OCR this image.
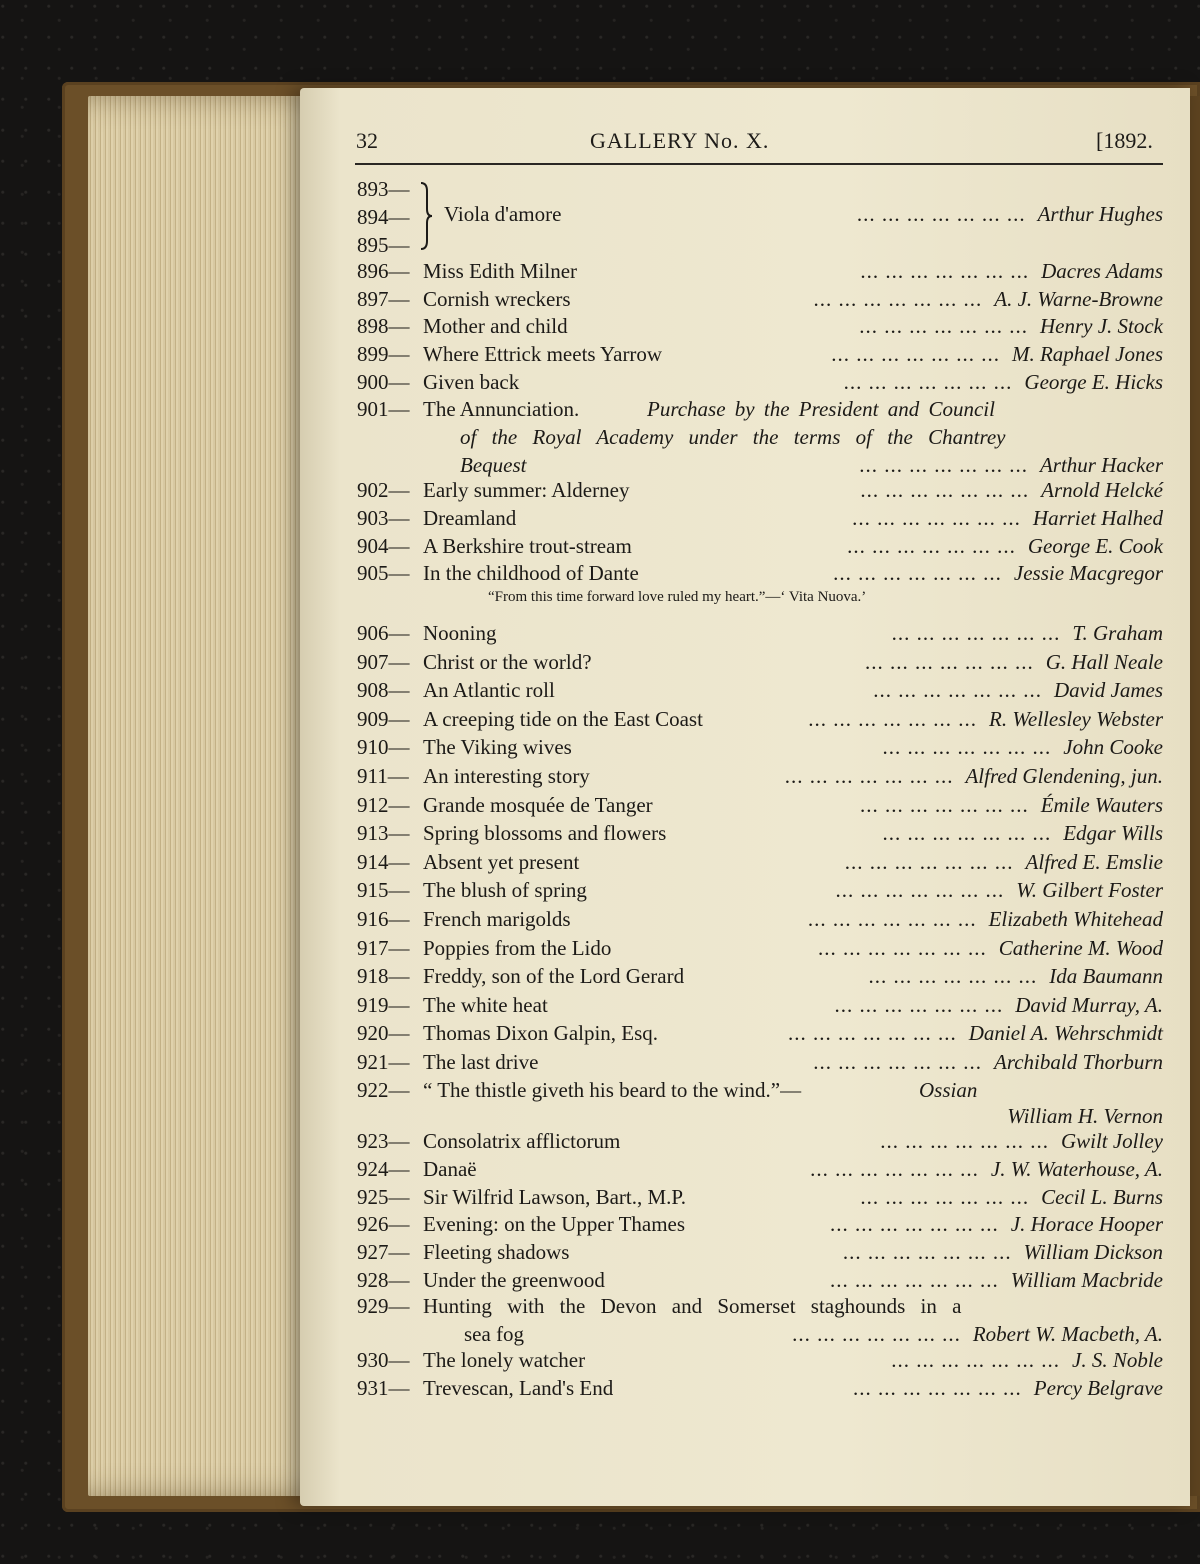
32	GALLERY No. X.	[1892.
893—
894—
895—
Viola d'amore	... ... ... ... ... ... ... Arthur Hughes
896— Miss Edith Milner	... ... ... ... ... ... ... Dacres Adams
897— Cornish wreckers	... ... ... ... ... ... ... A. J. Warne-Browne
898— Mother and child	... ... ... ... ... ... ... Henry J. Stock
899— Where Ettrick meets Yarrow	... ... ... ... ... ... ... M. Raphael Jones
900— Given back	... ... ... ... ... ... ... George E. Hicks
901— The Annunciation.	Purchase by the President and Council
of the Royal Academy under the terms of the Chantrey
Bequest	... ... ... ... ... ... ... Arthur Hacker
902— Early summer: Alderney	... ... ... ... ... ... ... Arnold Helcké
903— Dreamland	... ... ... ... ... ... ... Harriet Halhed
904— A Berkshire trout-stream	... ... ... ... ... ... ... George E. Cook
905— In the childhood of Dante	... ... ... ... ... ... ... Jessie Macgregor
“From this time forward love ruled my heart.”—‘ Vita Nuova.’
906— Nooning	... ... ... ... ... ... ... T. Graham
907— Christ or the world?	... ... ... ... ... ... ... G. Hall Neale
908— An Atlantic roll	... ... ... ... ... ... ... David James
909— A creeping tide on the East Coast	... ... ... ... ... ... ... R. Wellesley Webster
910— The Viking wives	... ... ... ... ... ... ... John Cooke
911— An interesting story	... ... ... ... ... ... ... Alfred Glendening, jun.
912— Grande mosquée de Tanger	... ... ... ... ... ... ... Émile Wauters
913— Spring blossoms and flowers	... ... ... ... ... ... ... Edgar Wills
914— Absent yet present	... ... ... ... ... ... ... Alfred E. Emslie
915— The blush of spring	... ... ... ... ... ... ... W. Gilbert Foster
916— French marigolds	... ... ... ... ... ... ... Elizabeth Whitehead
917— Poppies from the Lido	... ... ... ... ... ... ... Catherine M. Wood
918— Freddy, son of the Lord Gerard	... ... ... ... ... ... ... Ida Baumann
919— The white heat	... ... ... ... ... ... ... David Murray, A.
920— Thomas Dixon Galpin, Esq.	... ... ... ... ... ... ... Daniel A. Wehrschmidt
921— The last drive	... ... ... ... ... ... ... Archibald Thorburn
922— “ The thistle giveth his beard to the wind.”—	Ossian
William H. Vernon
923— Consolatrix afflictorum	... ... ... ... ... ... ... Gwilt Jolley
924— Danaë	... ... ... ... ... ... ... J. W. Waterhouse, A.
925— Sir Wilfrid Lawson, Bart., M.P.	... ... ... ... ... ... ... Cecil L. Burns
926— Evening: on the Upper Thames	... ... ... ... ... ... ... J. Horace Hooper
927— Fleeting shadows	... ... ... ... ... ... ... William Dickson
928— Under the greenwood	... ... ... ... ... ... ... William Macbride
929— Hunting with the Devon and Somerset staghounds in a
sea fog	... ... ... ... ... ... ... Robert W. Macbeth, A.
930— The lonely watcher	... ... ... ... ... ... ... J. S. Noble
931— Trevescan, Land's End	... ... ... ... ... ... ... Percy Belgrave
